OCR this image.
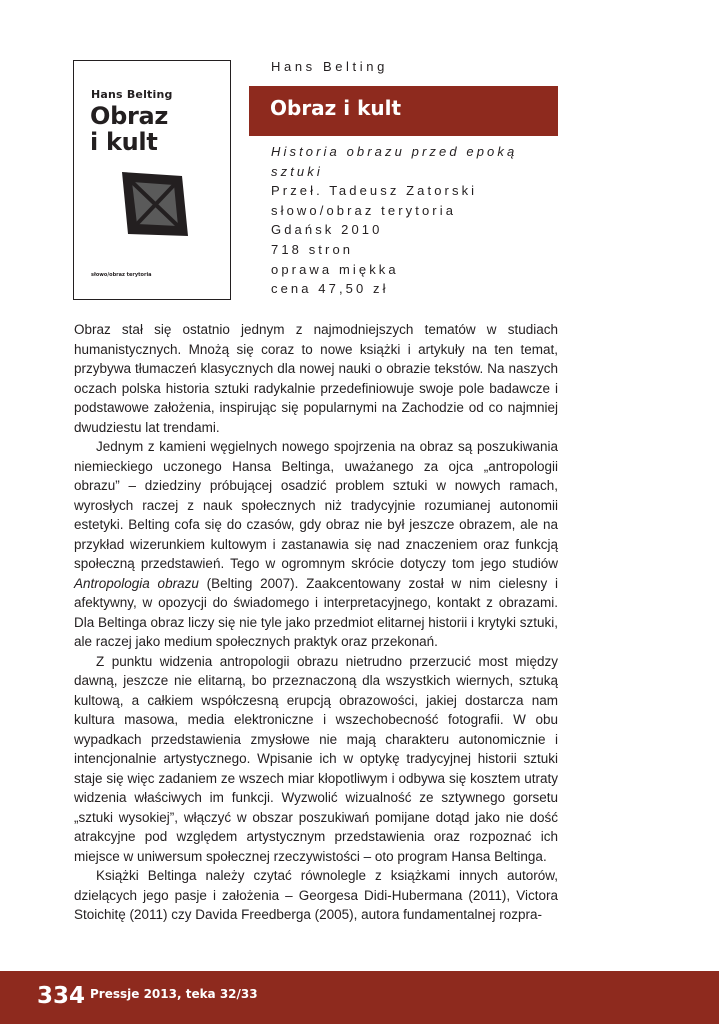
Hans Belting
Obraz
i kult
słowo/obraz terytoria
Hans Belting
Obraz i kult
Historia obrazu przed epoką
sztuki
Przeł. Tadeusz Zatorski
słowo/obraz terytoria
Gdańsk 2010
718 stron
oprawa miękka
cena 47,50 zł

Obraz stał się ostatnio jednym z najmodniejszych tematów w studiach humanistycznych. Mnożą się coraz to nowe książki i artykuły na ten temat, przybywa tłumaczeń klasycznych dla nowej nauki o obrazie tekstów. Na naszych oczach polska historia sztuki radykalnie przedefiniowuje swoje pole badawcze i podstawowe założenia, inspirując się popularnymi na Zachodzie od co najmniej dwudziestu lat trendami.

Jednym z kamieni węgielnych nowego spojrzenia na obraz są poszukiwania niemieckiego uczonego Hansa Beltinga, uważanego za ojca „antropologii obrazu” – dziedziny próbującej osadzić problem sztuki w nowych ramach, wyrosłych raczej z nauk społecznych niż tradycyjnie rozumianej autonomii estetyki. Belting cofa się do czasów, gdy obraz nie był jeszcze obrazem, ale na przykład wizerunkiem kultowym i zastanawia się nad znaczeniem oraz funkcją społeczną przedstawień. Tego w ogromnym skrócie dotyczy tom jego studiów Antropologia obrazu (Belting 2007). Zaakcentowany został w nim cielesny i afektywny, w opozycji do świadomego i interpretacyjnego, kontakt z obrazami. Dla Beltinga obraz liczy się nie tyle jako przedmiot elitarnej historii i krytyki sztuki, ale raczej jako medium społecznych praktyk oraz przekonań.

Z punktu widzenia antropologii obrazu nietrudno przerzucić most między dawną, jeszcze nie elitarną, bo przeznaczoną dla wszystkich wiernych, sztuką kultową, a całkiem współczesną erupcją obrazowości, jakiej dostarcza nam kultura masowa, media elektroniczne i wszechobecność fotografii. W obu wypadkach przedstawienia zmysłowe nie mają charakteru autonomicznie i intencjonalnie artystycznego. Wpisanie ich w optykę tradycyjnej historii sztuki staje się więc zadaniem ze wszech miar kłopotliwym i odbywa się kosztem utraty widzenia właściwych im funkcji. Wyzwolić wizualność ze sztywnego gorsetu „sztuki wysokiej”, włączyć w obszar poszukiwań pomijane dotąd jako nie dość atrakcyjne pod względem artystycznym przedstawienia oraz rozpoznać ich miejsce w uniwersum społecznej rzeczywistości – oto program Hansa Beltinga.

Książki Beltinga należy czytać równolegle z książkami innych autorów, dzielących jego pasje i założenia – Georgesa Didi-Hubermana (2011), Victora Stoichitę (2011) czy Davida Freedberga (2005), autora fundamentalnej rozpra-

334 Pressje 2013, teka 32/33
